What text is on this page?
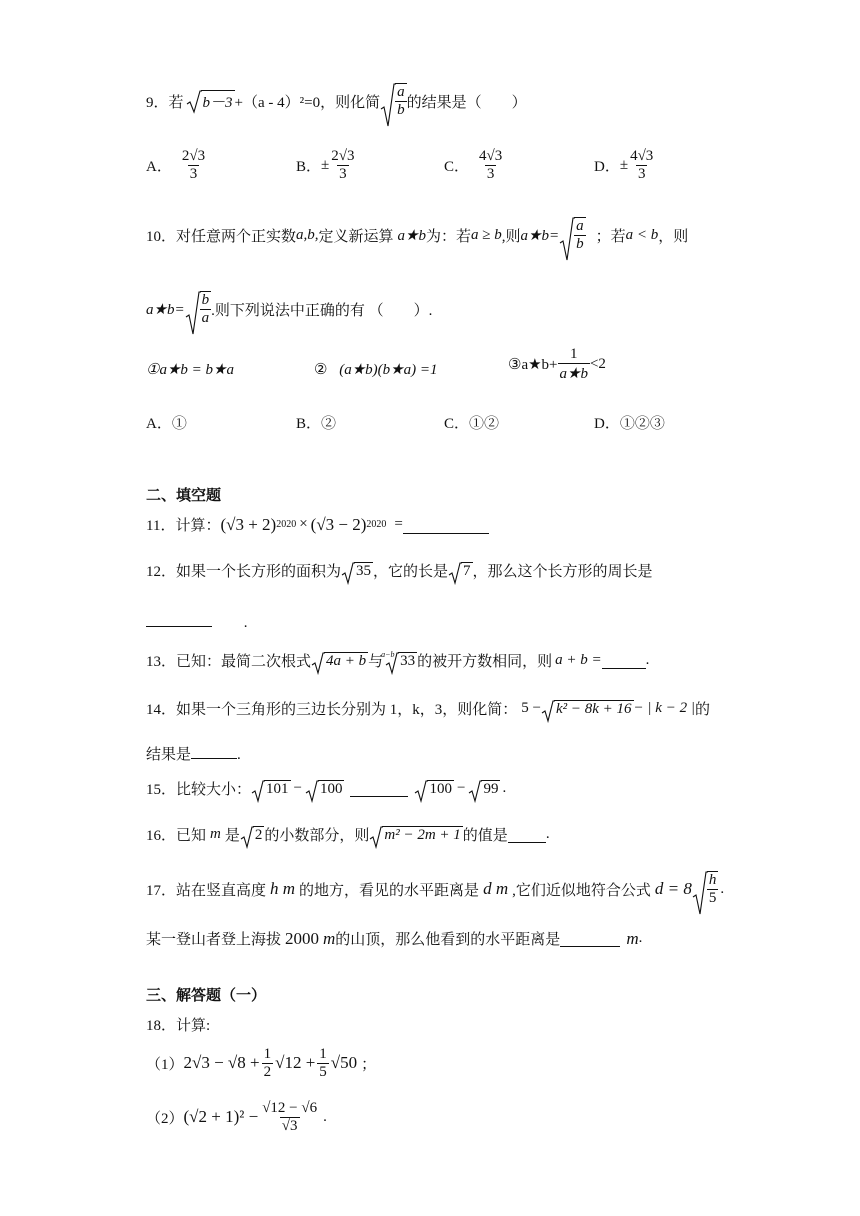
9．若	b－3 +（a - 4）²=0，则化简 $\frac{a}{b}$ 的结果是（　　）
A． $\frac{2√3}{3}$	B． ± $\frac{2√3}{3}$	C． $\frac{4√3}{3}$	D． ± $\frac{4√3}{3}$
10．对任意两个正实数 a,b, 定义新运算 a★b 为：若 a ≥ b ,则 a★b= $\frac{a}{b}$ ；若 a < b ，则
a★b= $\frac{b}{a}$ .则下列说法中正确的有 （　　）.
①a★b = b★a	② (a★b)(b★a) =1	③a★b+ $\frac{1}{a★b} <2$
A．①	B．②	C．①②	D．①②③
二、填空题
11．计算： (√3 + 2) 2020 × (√3 − 2) 2020 =
12．如果一个长方形的面积为	35 ，它的长是	7 ，那么这个长方形的周长是
.
13．已知：最简二次根式	4a + b 与
a−b 33 的被开方数相同，则 a + b =	.
14．如果一个三角形的三边长分别为 1，k，3，则化简： 5 −	k² − 8k + 16 − | k − 2 | 的
结果是	.
15．比较大小：	101 −	100	100 −	99 .
16．已知 m 是	2 的小数部分，则	m² − 2m + 1 的值是	.
17．站在竖直高度 h m 的地方，看见的水平距离是 d m ,它们近似地符合公式 $d = 8 \frac{h}{5}$ .
某一登山者登上海拔 2000 m 的山顶，那么他看到的水平距离是	m .
三、解答题（一）
18．计算:
（1） $2√3 - √8 + \frac{1}{2} √12 + \frac{1}{5} √50$ ；
（2） $(√2 + 1)^2 - \frac{√12 - √6}{√3}$ .
